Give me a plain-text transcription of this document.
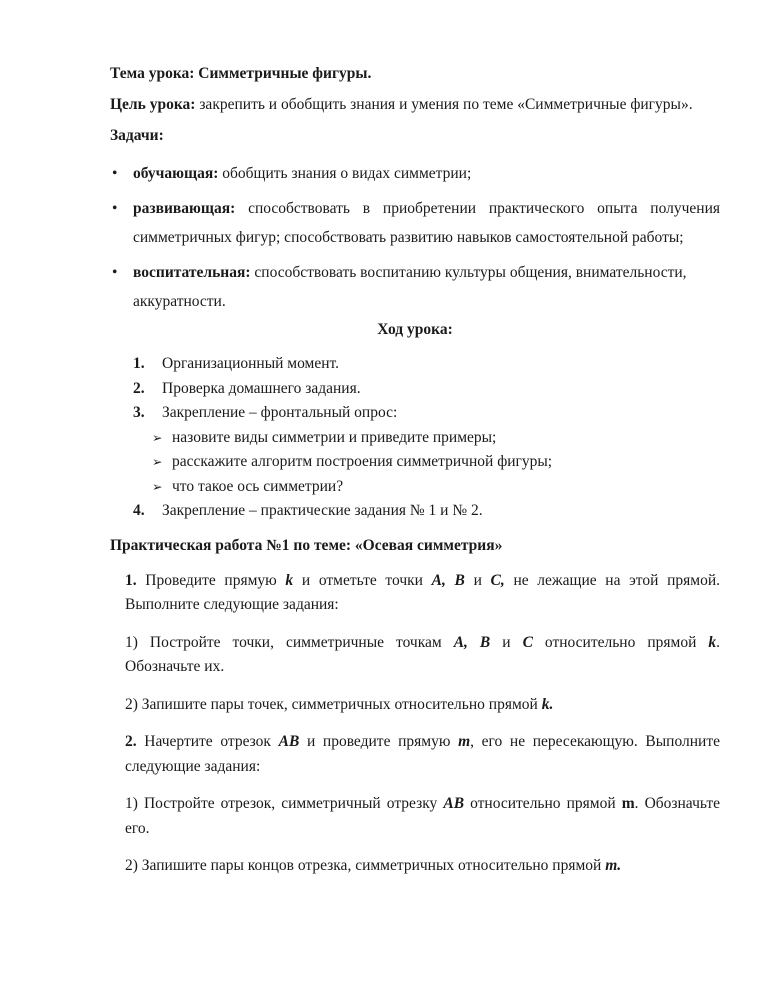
Тема урока: Симметричные фигуры.

Цель урока: закрепить и обобщить знания и умения по теме «Симметричные фигуры».

Задачи:

• обучающая: обобщить знания о видах симметрии;
• развивающая: способствовать в приобретении практического опыта получения
симметричных фигур; способствовать развитию навыков самостоятельной работы;
• воспитательная: способствовать воспитанию культуры общения, внимательности,
аккуратности.

Ход урока:

1. Организационный момент.
2. Проверка домашнего задания.
3. Закрепление – фронтальный опрос:
➢ назовите виды симметрии и приведите примеры;
➢ расскажите алгоритм построения симметричной фигуры;
➢ что такое ось симметрии?
4. Закрепление – практические задания № 1 и № 2.

Практическая работа №1 по теме: «Осевая симметрия»

1. Проведите прямую k и отметьте точки A, B и C, не лежащие на этой прямой.
Выполните следующие задания:
1) Постройте точки, симметричные точкам A, B и C относительно прямой k.
Обозначьте их.
2) Запишите пары точек, симметричных относительно прямой k.
2. Начертите отрезок AB и проведите прямую m, его не пересекающую. Выполните
следующие задания:
1) Постройте отрезок, симметричный отрезку AB относительно прямой m. Обозначьте
его.
2) Запишите пары концов отрезка, симметричных относительно прямой m.
